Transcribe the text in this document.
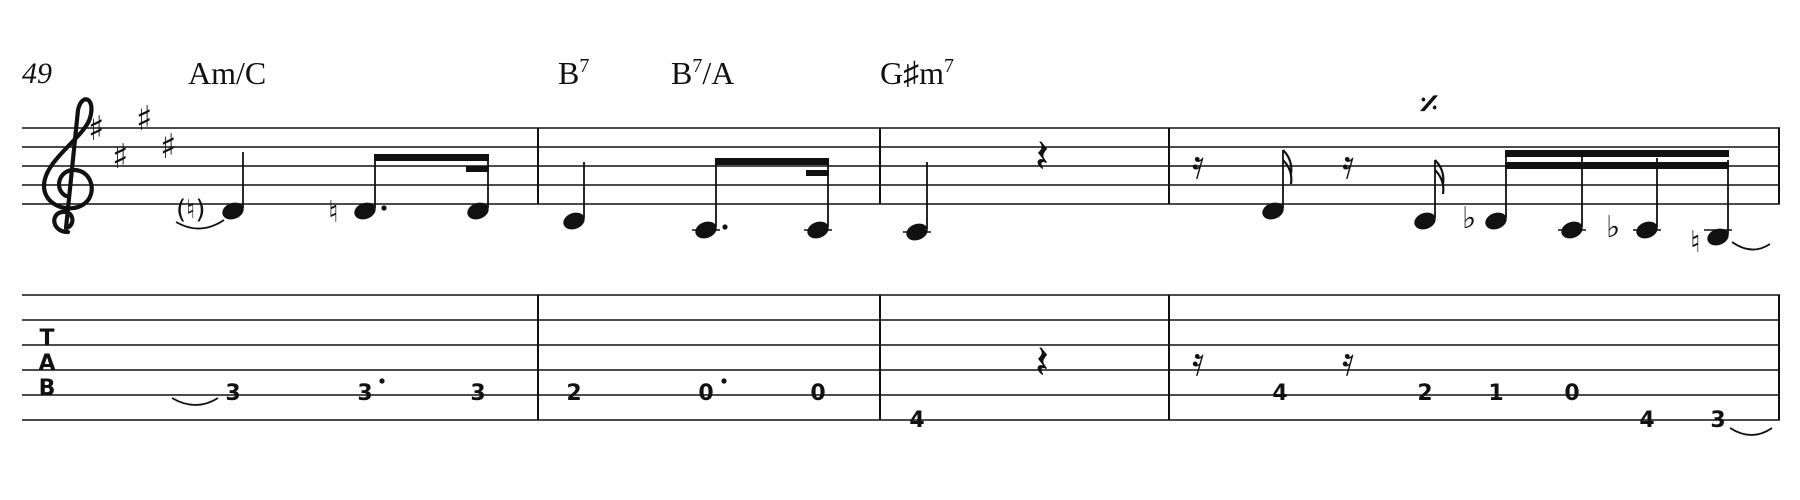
49	Am/C	$B^7$	$B^7/A$	$G♯m^7$
♯
♯
♯
♯
(♮)	♮
𝄽
𝄎
𝄿	𝄿
♭	♭ ♮
T
A
B	3	3	3	2	0	0
4
𝄽	𝄿
4
𝄿
2	1	0
4	3
